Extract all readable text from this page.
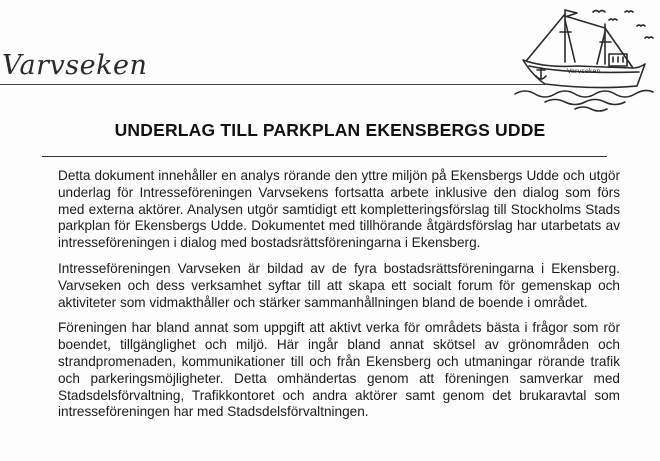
Varvseken	Varvseken
UNDERLAG TILL PARKPLAN EKENSBERGS UDDE

Detta dokument innehåller en analys rörande den yttre miljön på Ekensbergs Udde och utgör underlag för Intresseföreningen Varvsekens fortsatta arbete inklusive den dialog som förs med externa aktörer. Analysen utgör samtidigt ett kompletteringsförslag till Stockholms Stads parkplan för Ekensbergs Udde. Dokumentet med tillhörande åtgärdsförslag har utarbetats av intresseföreningen i dialog med bostadsrättsföreningarna i Ekensberg.

Intresseföreningen Varvseken är bildad av de fyra bostadsrättsföreningarna i Ekensberg. Varvseken och dess verksamhet syftar till att skapa ett socialt forum för gemenskap och aktiviteter som vidmakthåller och stärker sammanhållningen bland de boende i området.

Föreningen har bland annat som uppgift att aktivt verka för områdets bästa i frågor som rör boendet, tillgänglighet och miljö. Här ingår bland annat skötsel av grönområden och strandpromenaden, kommunikationer till och från Ekensberg och utmaningar rörande trafik och parkeringsmöjligheter. Detta omhändertas genom att föreningen samverkar med Stadsdelsförvaltning, Trafikkontoret och andra aktörer samt genom det brukaravtal som intresseföreningen har med Stadsdelsförvaltningen.
